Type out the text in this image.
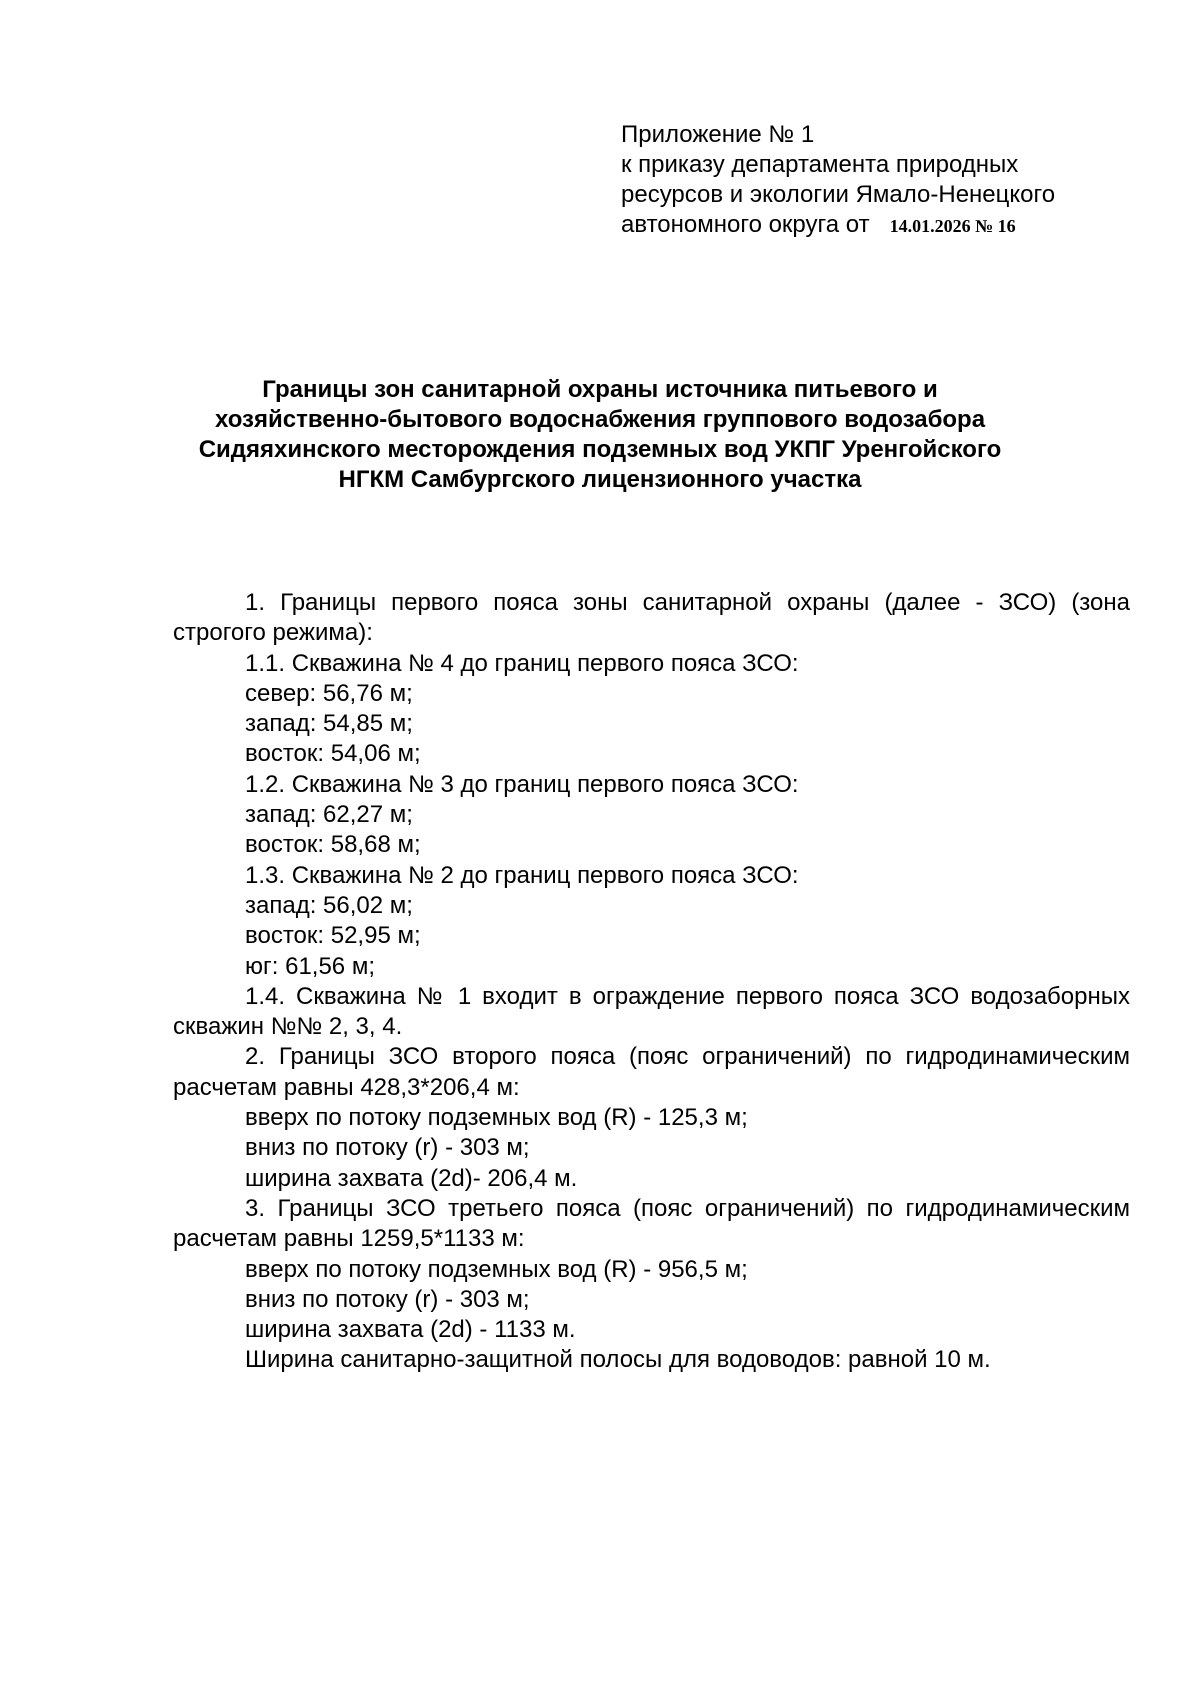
Приложение № 1
к приказу департамента природных
ресурсов и экологии Ямало-Ненецкого
автономного округа от 14.01.2026 № 16
Границы зон санитарной охраны источника питьевого и
хозяйственно-бытового водоснабжения группового водозабора
Сидяяхинского месторождения подземных вод УКПГ Уренгойского
НГКМ Самбургского лицензионного участка

1. Границы первого пояса зоны санитарной охраны (далее - ЗСО) (зона строгого режима):

1.1. Скважина № 4 до границ первого пояса ЗСО:

север: 56,76 м;

запад: 54,85 м;

восток: 54,06 м;

1.2. Скважина № 3 до границ первого пояса ЗСО:

запад: 62,27 м;

восток: 58,68 м;

1.3. Скважина № 2 до границ первого пояса ЗСО:

запад: 56,02 м;

восток: 52,95 м;

юг: 61,56 м;

1.4. Скважина № 1 входит в ограждение первого пояса ЗСО водозаборных скважин №№ 2, 3, 4.

2. Границы ЗСО второго пояса (пояс ограничений) по гидродинамическим расчетам равны 428,3*206,4 м:

вверх по потоку подземных вод (R) - 125,3 м;

вниз по потоку (r) - 303 м;

ширина захвата (2d)- 206,4 м.

3. Границы ЗСО третьего пояса (пояс ограничений) по гидродинамическим расчетам равны 1259,5*1133 м:

вверх по потоку подземных вод (R) - 956,5 м;

вниз по потоку (r) - 303 м;

ширина захвата (2d) - 1133 м.

Ширина санитарно-защитной полосы для водоводов: равной 10 м.
